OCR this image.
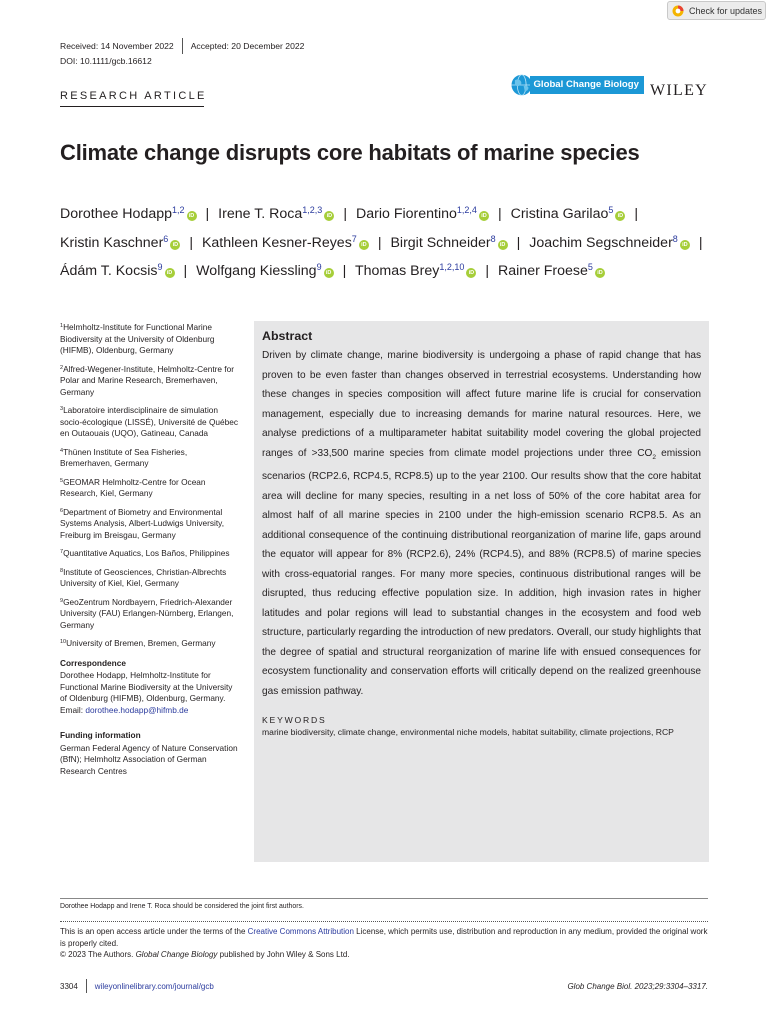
Check for updates
Received: 14 November 2022 Accepted: 20 December 2022
DOI: 10.1111/gcb.16612
RESEARCH ARTICLE
Global Change Biology WILEY
Climate change disrupts core habitats of marine species
Dorothee Hodapp$^{1,2}$iD | Irene T. Roca$^{1,2,3}$iD | Dario Fiorentino$^{1,2,4}$iD | Cristina Garilao$^5$iD | Kristin Kaschner$^6$iD | Kathleen Kesner-Reyes$^7$iD | Birgit Schneider$^8$iD | Joachim Segschneider$^8$iD | Ádám T. Kocsis$^9$iD | Wolfgang Kiessling$^9$iD | Thomas Brey$^{1,2,10}$iD | Rainer Froese$^5$iD

$^1$Helmholtz-Institute for Functional Marine Biodiversity at the University of Oldenburg (HIFMB), Oldenburg, Germany

$^2$Alfred-Wegener-Institute, Helmholtz-Centre for Polar and Marine Research, Bremerhaven, Germany

$^3$Laboratoire interdisciplinaire de simulation socio-écologique (LISSÉ), Université de Québec en Outaouais (UQO), Gatineau, Canada

$^4$Thünen Institute of Sea Fisheries, Bremerhaven, Germany

$^5$GEOMAR Helmholtz-Centre for Ocean Research, Kiel, Germany

$^6$Department of Biometry and Environmental Systems Analysis, Albert-Ludwigs University, Freiburg im Breisgau, Germany

$^7$Quantitative Aquatics, Los Baños, Philippines

$^8$Institute of Geosciences, Christian-Albrechts University of Kiel, Kiel, Germany

$^9$GeoZentrum Nordbayern, Friedrich-Alexander University (FAU) Erlangen-Nürnberg, Erlangen, Germany

$^{10}$University of Bremen, Bremen, Germany

Correspondence
Dorothee Hodapp, Helmholtz-Institute for Functional Marine Biodiversity at the University of Oldenburg (HIFMB), Oldenburg, Germany.
Email: dorothee.hodapp@hifmb.de
Funding information
German Federal Agency of Nature Conservation (BfN); Helmholtz Association of German Research Centres
Abstract
Driven by climate change, marine biodiversity is undergoing a phase of rapid change that has proven to be even faster than changes observed in terrestrial ecosystems. Understanding how these changes in species composition will affect future marine life is crucial for conservation management, especially due to increasing demands for marine natural resources. Here, we analyse predictions of a multiparameter habitat suitability model covering the global projected ranges of >33,500 marine species from climate model projections under three $CO_2$ emission scenarios (RCP2.6, RCP4.5, RCP8.5) up to the year 2100. Our results show that the core habitat area will decline for many species, resulting in a net loss of 50% of the core habitat area for almost half of all marine species in 2100 under the high-emission scenario RCP8.5. As an additional consequence of the continuing distributional reorganization of marine life, gaps around the equator will appear for 8% (RCP2.6), 24% (RCP4.5), and 88% (RCP8.5) of marine species with cross-equatorial ranges. For many more species, continuous distributional ranges will be disrupted, thus reducing effective population size. In addition, high invasion rates in higher latitudes and polar regions will lead to substantial changes in the ecosystem and food web structure, particularly regarding the introduction of new predators. Overall, our study highlights that the degree of spatial and structural reorganization of marine life with ensued consequences for ecosystem functionality and conservation efforts will critically depend on the realized greenhouse gas emission pathway.
KEYWORDS
marine biodiversity, climate change, environmental niche models, habitat suitability, climate projections, RCP
Dorothee Hodapp and Irene T. Roca should be considered the joint first authors.
This is an open access article under the terms of the Creative Commons Attribution License, which permits use, distribution and reproduction in any medium, provided the original work is properly cited.
© 2023 The Authors. Global Change Biology published by John Wiley & Sons Ltd.
3304 wileyonlinelibrary.com/journal/gcb	Glob Change Biol. 2023;29:3304–3317.
